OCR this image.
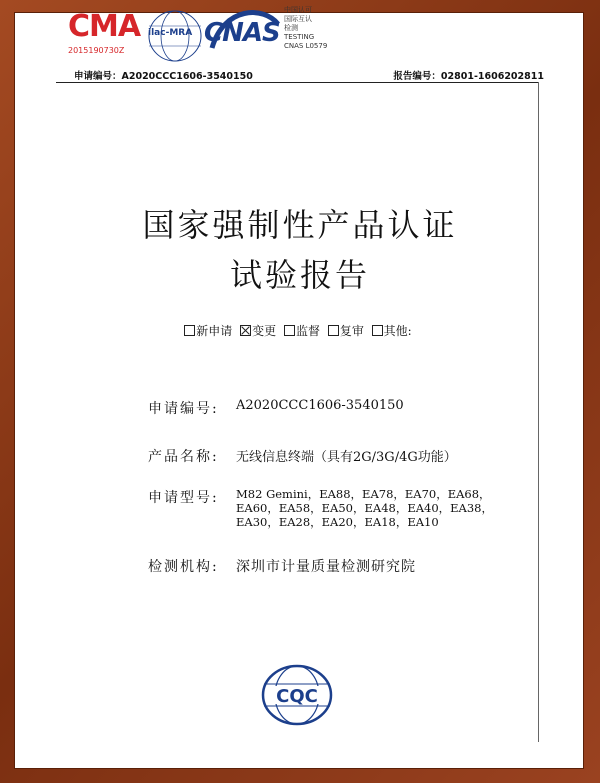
CMA
2015190730Z
ilac-MRA CNAS
中国认可
国际互认
检测
TESTING
CNAS L0579
申请编号：A2020CCC1606-3540150	报告编号：02801-1606202811
国家强制性产品认证
试验报告
新申请 变更 监督 复审 其他:
申请编号:	A2020CCC1606-3540150
产品名称:	无线信息终端（具有2G/3G/4G功能）
申请型号:	M82 Gemini，EA88，EA78，EA70，EA68，
EA60，EA58，EA50，EA48，EA40，EA38，
EA30，EA28，EA20，EA18，EA10
检测机构:	深圳市计量质量检测研究院
CQC
